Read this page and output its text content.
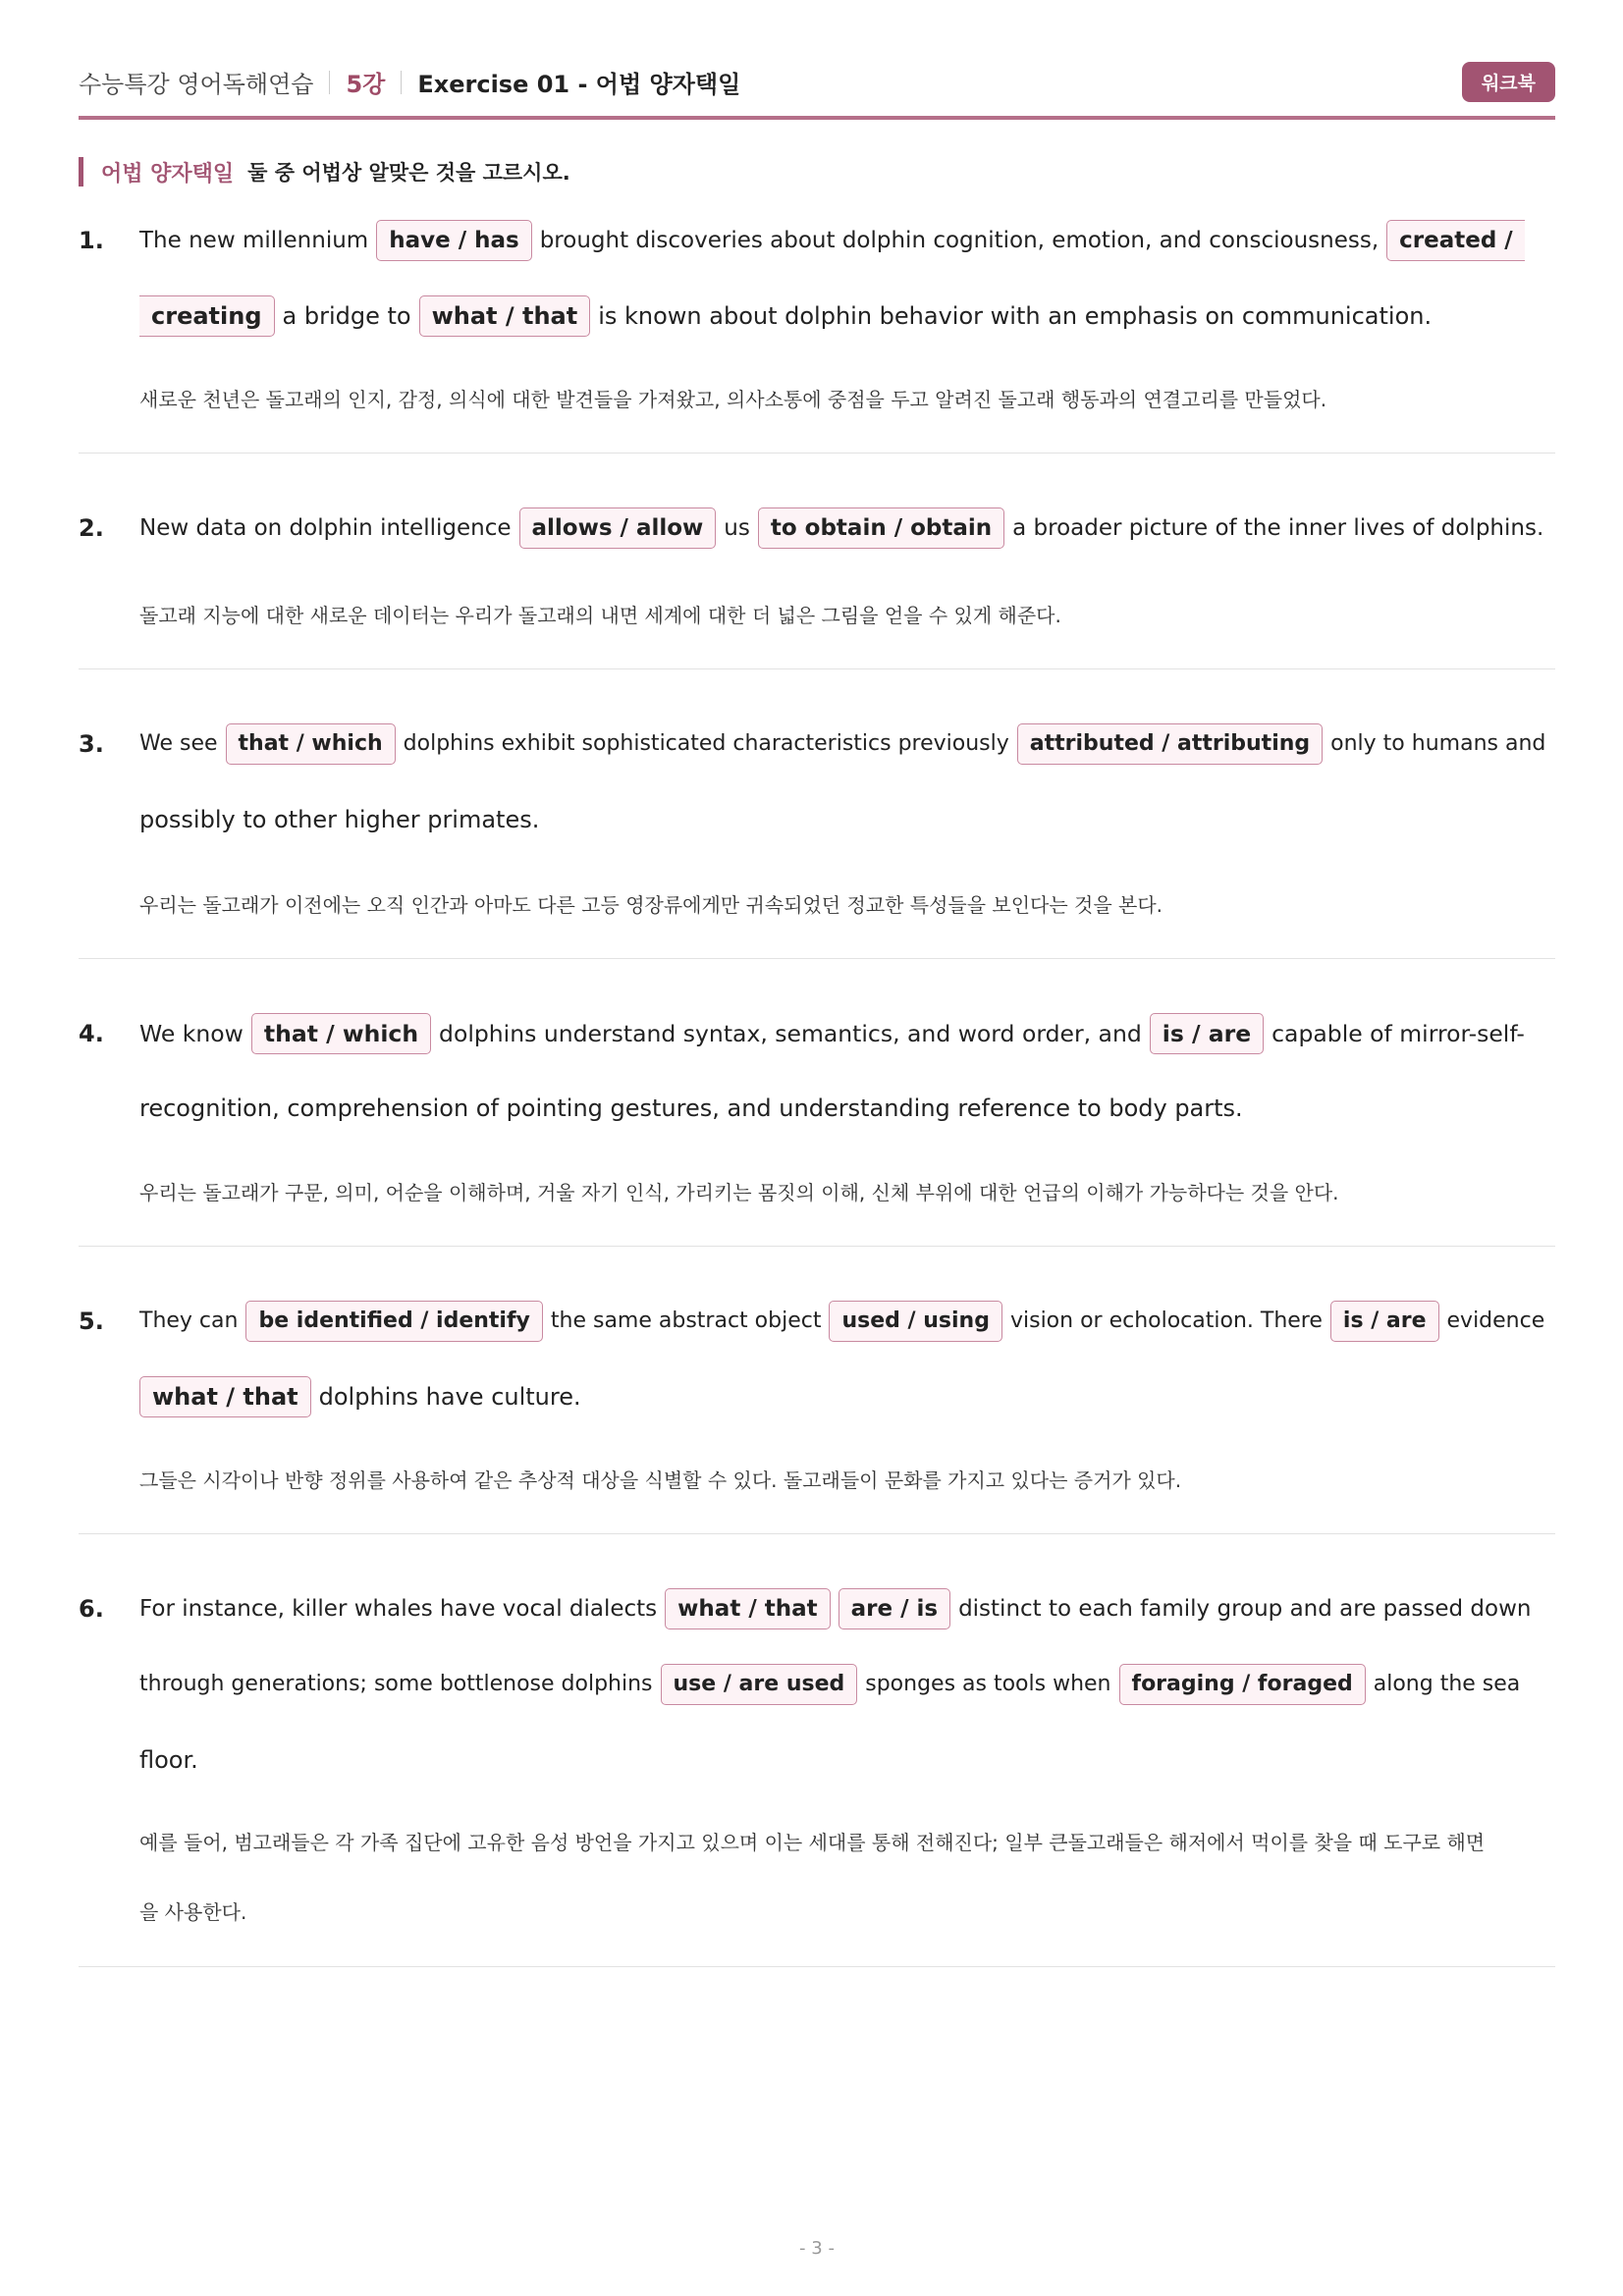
수능특강 영어독해연습 5강 Exercise 01 - 어법 양자택일	워크북
어법 양자택일 둘 중 어법상 알맞은 것을 고르시오.
1. The new millennium have / has brought discoveries about dolphin cognition, emotion, and consciousness, created /
creating a bridge to what / that is known about dolphin behavior with an emphasis on communication.
새로운 천년은 돌고래의 인지, 감정, 의식에 대한 발견들을 가져왔고, 의사소통에 중점을 두고 알려진 돌고래 행동과의 연결고리를 만들었다.
2. New data on dolphin intelligence allows / allow us to obtain / obtain a broader picture of the inner lives of dolphins.
돌고래 지능에 대한 새로운 데이터는 우리가 돌고래의 내면 세계에 대한 더 넓은 그림을 얻을 수 있게 해준다.
3. We see that / which dolphins exhibit sophisticated characteristics previously attributed / attributing only to humans and
possibly to other higher primates.
우리는 돌고래가 이전에는 오직 인간과 아마도 다른 고등 영장류에게만 귀속되었던 정교한 특성들을 보인다는 것을 본다.
4. We know that / which dolphins understand syntax, semantics, and word order, and is / are capable of mirror-self-
recognition, comprehension of pointing gestures, and understanding reference to body parts.
우리는 돌고래가 구문, 의미, 어순을 이해하며, 거울 자기 인식, 가리키는 몸짓의 이해, 신체 부위에 대한 언급의 이해가 가능하다는 것을 안다.
5. They can be identified / identify the same abstract object used / using vision or echolocation. There is / are evidence
what / that dolphins have culture.
그들은 시각이나 반향 정위를 사용하여 같은 추상적 대상을 식별할 수 있다. 돌고래들이 문화를 가지고 있다는 증거가 있다.
6. For instance, killer whales have vocal dialects what / that	are / is distinct to each family group and are passed down
through generations; some bottlenose dolphins use / are used sponges as tools when foraging / foraged along the sea
floor.
예를 들어, 범고래들은 각 가족 집단에 고유한 음성 방언을 가지고 있으며 이는 세대를 통해 전해진다; 일부 큰돌고래들은 해저에서 먹이를 찾을 때 도구로 해면
을 사용한다.
- 3 -
